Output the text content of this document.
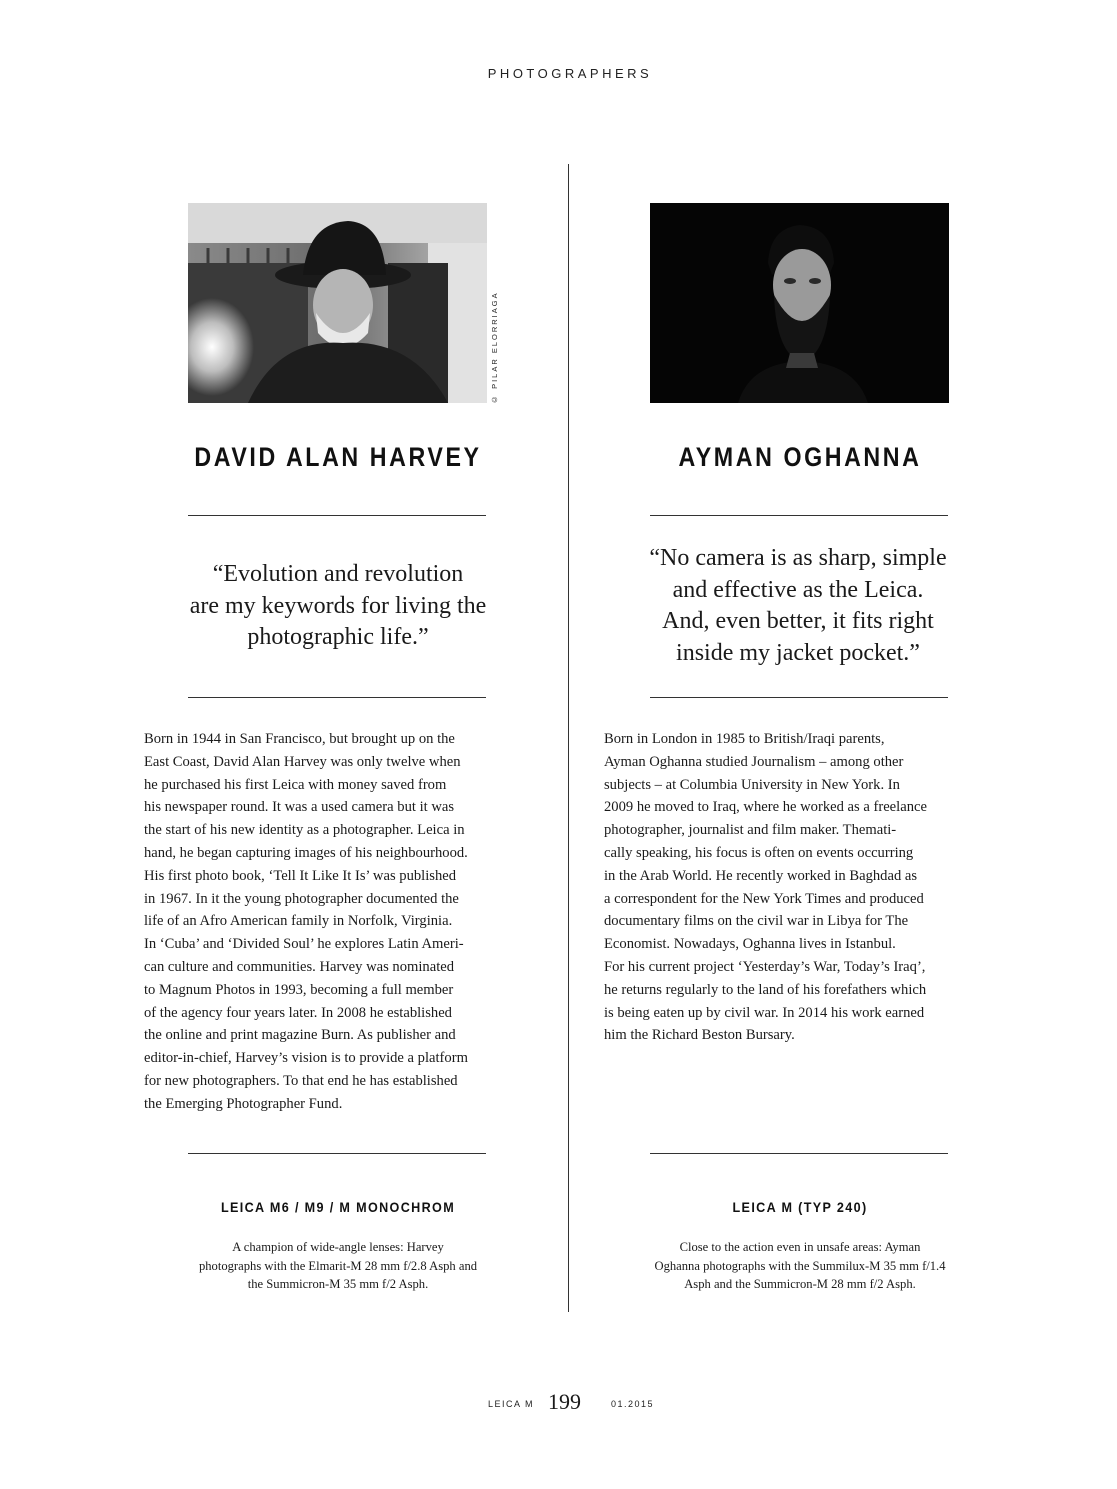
PHOTOGRAPHERS
© PILAR ELORRIAGA
DAVID ALAN HARVEY
“Evolution and revolution
are my keywords for living the
photographic life.”

Born in 1944 in San Francisco, but brought up on the

East Coast, David Alan Harvey was only twelve when

he purchased his first Leica with money saved from

his newspaper round. It was a used camera but it was

the start of his new identity as a photographer. Leica in

hand, he began capturing images of his neighbourhood.

His first photo book, ‘Tell It Like It Is’ was published

in 1967. In it the young photographer documented the

life of an Afro American family in Norfolk, Virginia.

In ‘Cuba’ and ‘Divided Soul’ he explores Latin Ameri-

can culture and communities. Harvey was nominated

to Magnum Photos in 1993, becoming a full member

of the agency four years later. In 2008 he established

the online and print magazine Burn. As publisher and

editor-in-chief, Harvey’s vision is to provide a platform

for new photographers. To that end he has established

the Emerging Photographer Fund.

LEICA M6 / M9 / M MONOCHROM

A champion of wide-angle lenses: Harvey

photographs with the Elmarit-M 28 mm f/2.8 Asph and

the Summicron-M 35 mm f/2 Asph.

AYMAN OGHANNA
“No camera is as sharp, simple
and effective as the Leica.
And, even better, it fits right
inside my jacket pocket.”

Born in London in 1985 to British/Iraqi parents,

Ayman Oghanna studied Journalism – among other

subjects – at Columbia University in New York. In

2009 he moved to Iraq, where he worked as a freelance

photographer, journalist and film maker. Themati-

cally speaking, his focus is often on events occurring

in the Arab World. He recently worked in Baghdad as

a correspondent for the New York Times and produced

documentary films on the civil war in Libya for The

Economist. Nowadays, Oghanna lives in Istanbul.

For his current project ‘Yesterday’s War, Today’s Iraq’,

he returns regularly to the land of his forefathers which

is being eaten up by civil war. In 2014 his work earned

him the Richard Beston Bursary.

LEICA M (TYP 240)

Close to the action even in unsafe areas: Ayman

Oghanna photographs with the Summilux-M 35 mm f/1.4

Asph and the Summicron-M 28 mm f/2 Asph.

LEICA M 199	01.2015
